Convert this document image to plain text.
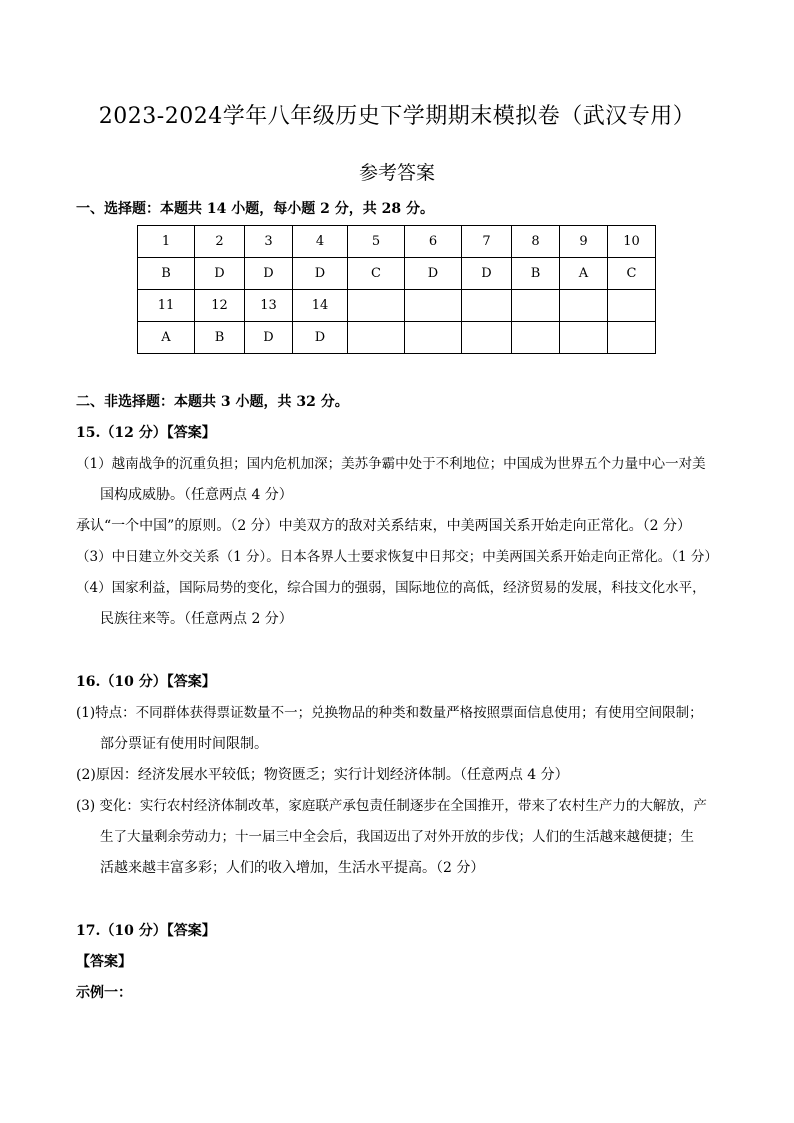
2023-2024学年八年级历史下学期期末模拟卷（武汉专用）
参考答案
一、选择题：本题共 14 小题，每小题 2 分，共 28 分。
1	2	3	4	5	6	7	8	9	10
B	D	D	D	C	D	D	B	A	C
11	12	13	14						
A	B	D	D						
二、非选择题：本题共 3 小题，共 32 分。
15.（12 分）【答案】
（1）越南战争的沉重负担；国内危机加深；美苏争霸中处于不利地位；中国成为世界五个力量中心一对美
国构成威胁。（任意两点 4 分）
承认“一个中国”的原则。（2 分）中美双方的敌对关系结束，中美两国关系开始走向正常化。（2 分）
（3）中日建立外交关系（1 分）。日本各界人士要求恢复中日邦交；中美两国关系开始走向正常化。（1 分）
（4）国家利益，国际局势的变化，综合国力的强弱，国际地位的高低，经济贸易的发展，科技文化水平，
民族往来等。（任意两点 2 分）
16.（10 分）【答案】
(1)特点：不同群体获得票证数量不一；兑换物品的种类和数量严格按照票面信息使用；有使用空间限制；
部分票证有使用时间限制。
(2)原因：经济发展水平较低；物资匮乏；实行计划经济体制。（任意两点 4 分）
(3) 变化：实行农村经济体制改革，家庭联产承包责任制逐步在全国推开，带来了农村生产力的大解放，产
生了大量剩余劳动力；十一届三中全会后，我国迈出了对外开放的步伐；人们的生活越来越便捷；生
活越来越丰富多彩；人们的收入增加，生活水平提高。（2 分）
17.（10 分）【答案】
【答案】
示例一：
